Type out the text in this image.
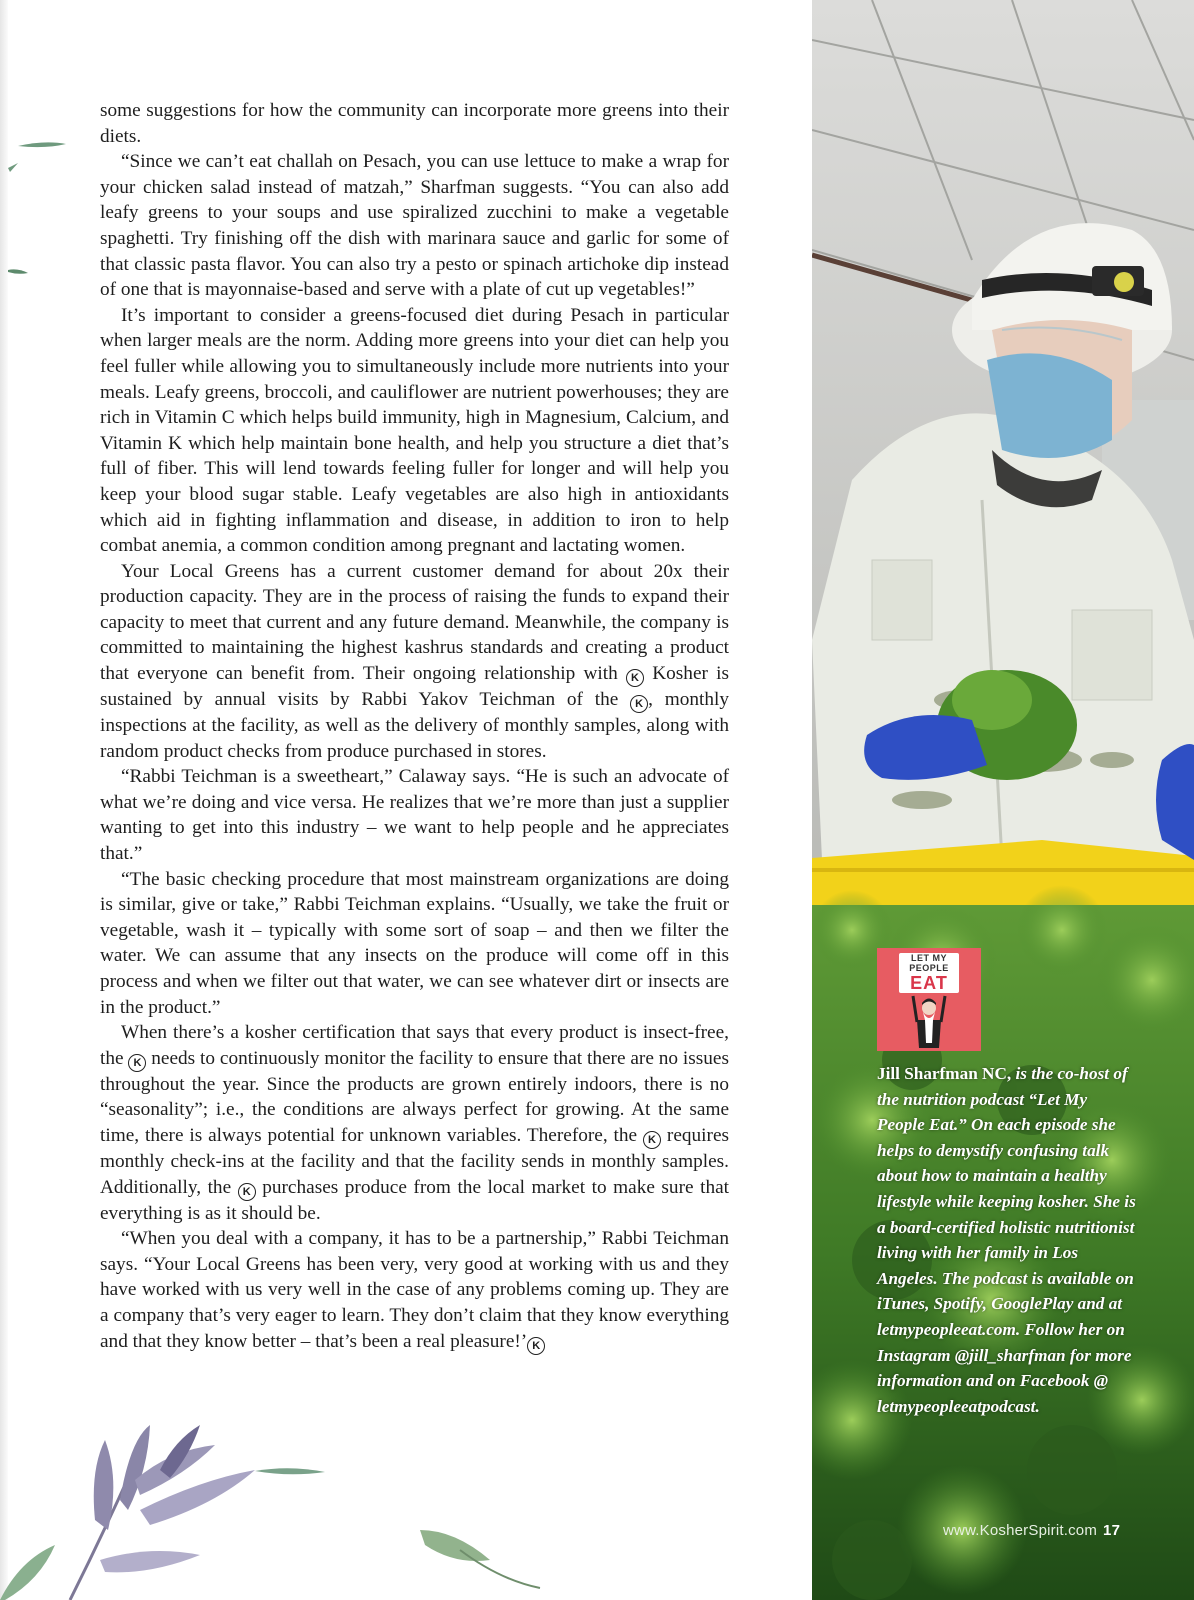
some suggestions for how the community can incorporate more greens into their diets.

“Since we can’t eat challah on Pesach, you can use lettuce to make a wrap for your chicken salad instead of matzah,” Sharfman suggests. “You can also add leafy greens to your soups and use spiralized zucchini to make a vegetable spaghetti. Try finishing off the dish with marinara sauce and garlic for some of that classic pasta flavor. You can also try a pesto or spinach artichoke dip instead of one that is mayonnaise-based and serve with a plate of cut up vegetables!”

It’s important to consider a greens-focused diet during Pesach in particular when larger meals are the norm. Adding more greens into your diet can help you feel fuller while allowing you to simultaneously include more nutrients into your meals. Leafy greens, broccoli, and cauliflower are nutrient powerhouses; they are rich in Vitamin C which helps build immunity, high in Magnesium, Calcium, and Vitamin K which help maintain bone health, and help you structure a diet that’s full of fiber. This will lend towards feeling fuller for longer and will help you keep your blood sugar stable. Leafy vegetables are also high in antioxidants which aid in fighting inflammation and disease, in addition to iron to help combat anemia, a common condition among pregnant and lactating women.

Your Local Greens has a current customer demand for about 20x their production capacity. They are in the process of raising the funds to expand their capacity to meet that current and any future demand. Meanwhile, the company is committed to maintaining the highest kashrus standards and creating a product that everyone can benefit from. Their ongoing relationship with K Kosher is sustained by annual visits by Rabbi Yakov Teichman of the K , monthly inspections at the facility, as well as the delivery of monthly samples, along with random product checks from produce purchased in stores.

“Rabbi Teichman is a sweetheart,” Calaway says. “He is such an advocate of what we’re doing and vice versa. He realizes that we’re more than just a supplier wanting to get into this industry – we want to help people and he appreciates that.”

“The basic checking procedure that most mainstream organizations are doing is similar, give or take,” Rabbi Teichman explains. “Usually, we take the fruit or vegetable, wash it – typically with some sort of soap – and then we filter the water. We can assume that any insects on the produce will come off in this process and when we filter out that water, we can see whatever dirt or insects are in the product.”

When there’s a kosher certification that says that every product is insect-free, the K needs to continuously monitor the facility to ensure that there are no issues throughout the year. Since the products are grown entirely indoors, there is no “seasonality”; i.e., the conditions are always perfect for growing. At the same time, there is always potential for unknown variables. Therefore, the K requires monthly check-ins at the facility and that the facility sends in monthly samples. Additionally, the K purchases produce from the local market to make sure that everything is as it should be.

“When you deal with a company, it has to be a partnership,” Rabbi Teichman says. “Your Local Greens has been very, very good at working with us and they have worked with us very well in the case of any problems coming up. They are a company that’s very eager to learn. They don’t claim that they know everything and that they know better – that’s been a real pleasure!’ K

LET MY
PEOPLE
EAT
Jill Sharfman NC, is the co-host of the nutrition podcast “Let My People Eat.” On each episode she helps to demystify confusing talk about how to maintain a healthy lifestyle while keeping kosher. She is a board-certified holistic nutritionist living with her family in Los Angeles. The podcast is available on iTunes, Spotify, GooglePlay and at letmypeopleeat.com. Follow her on Instagram @jill_sharfman for more information and on Facebook @ letmypeopleeatpodcast.
www.KosherSpirit.com 17
